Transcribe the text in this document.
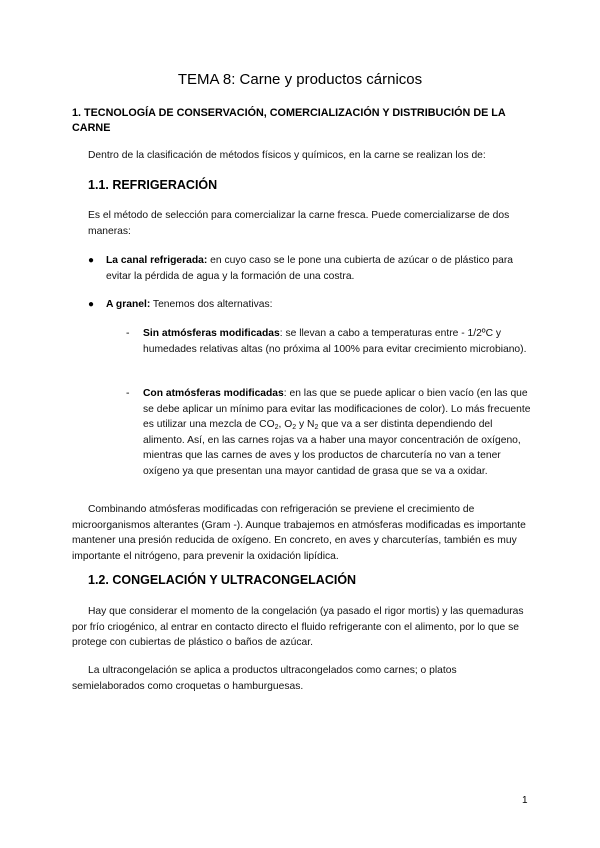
TEMA 8: Carne y productos cárnicos
1. TECNOLOGÍA DE CONSERVACIÓN, COMERCIALIZACIÓN Y DISTRIBUCIÓN DE LA CARNE

Dentro de la clasificación de métodos físicos y químicos, en la carne se realizan los de:

1.1. REFRIGERACIÓN

Es el método de selección para comercializar la carne fresca. Puede comercializarse de dos maneras:

● La canal refrigerada: en cuyo caso se le pone una cubierta de azúcar o de plástico para evitar la pérdida de agua y la formación de una costra.

● A granel: Tenemos dos alternativas:

- Sin atmósferas modificadas: se llevan a cabo a temperaturas entre - 1/2ºC y humedades relativas altas (no próxima al 100% para evitar crecimiento microbiano).

- Con atmósferas modificadas: en las que se puede aplicar o bien vacío (en las que se debe aplicar un mínimo para evitar las modificaciones de color). Lo más frecuente es utilizar una mezcla de $CO_2$, $O_2$ y $N_2$ que va a ser distinta dependiendo del alimento. Así, en las carnes rojas va a haber una mayor concentración de oxígeno, mientras que las carnes de aves y los productos de charcutería no van a tener oxígeno ya que presentan una mayor cantidad de grasa que se va a oxidar.

Combinando atmósferas modificadas con refrigeración se previene el crecimiento de microorganismos alterantes (Gram -). Aunque trabajemos en atmósferas modificadas es importante mantener una presión reducida de oxígeno. En concreto, en aves y charcuterías, también es muy importante el nitrógeno, para prevenir la oxidación lipídica.

1.2. CONGELACIÓN Y ULTRACONGELACIÓN

Hay que considerar el momento de la congelación (ya pasado el rigor mortis) y las quemaduras por frío criogénico, al entrar en contacto directo el fluido refrigerante con el alimento, por lo que se protege con cubiertas de plástico o baños de azúcar.

La ultracongelación se aplica a productos ultracongelados como carnes; o platos semielaborados como croquetas o hamburguesas.

1
